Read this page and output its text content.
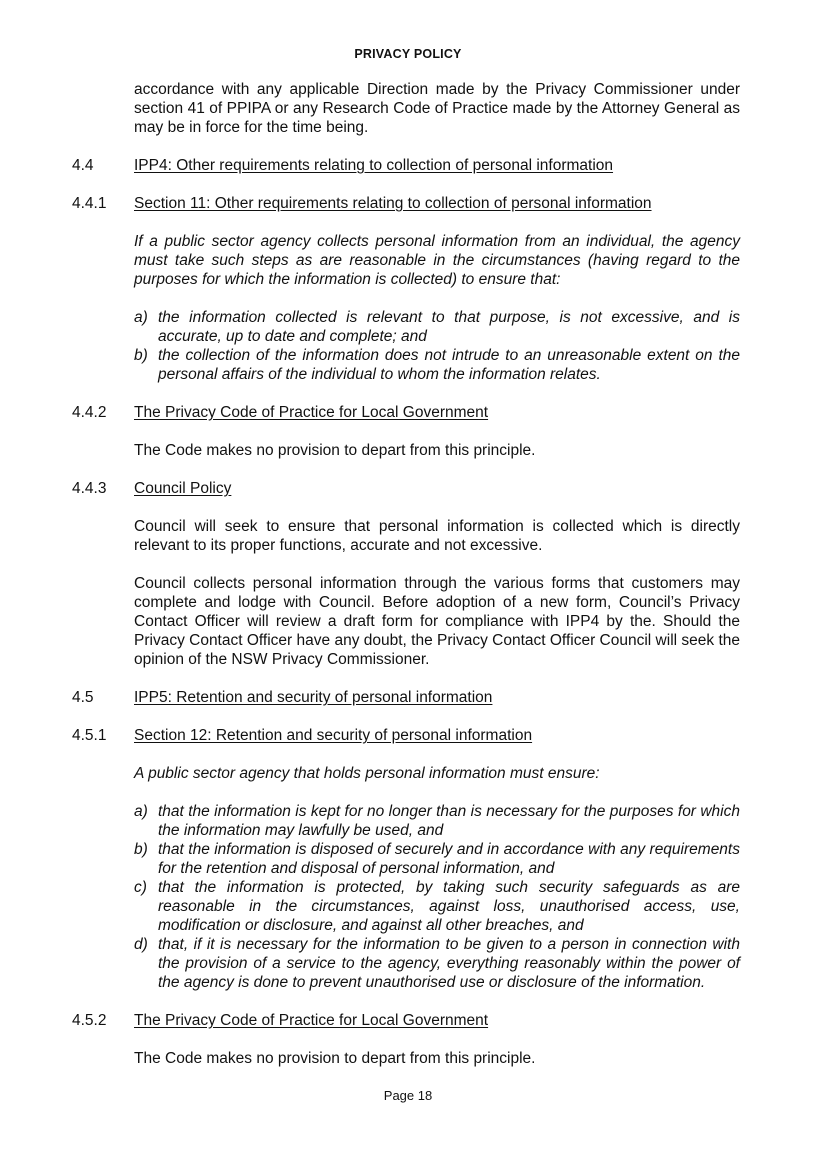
PRIVACY POLICY
accordance with any applicable Direction made by the Privacy Commissioner under section 41 of PPIPA or any Research Code of Practice made by the Attorney General as may be in force for the time being.
4.4	IPP4: Other requirements relating to collection of personal information
4.4.1	Section 11: Other requirements relating to collection of personal information
If a public sector agency collects personal information from an individual, the agency must take such steps as are reasonable in the circumstances (having regard to the purposes for which the information is collected) to ensure that:
a) the information collected is relevant to that purpose, is not excessive, and is accurate, up to date and complete; and
b) the collection of the information does not intrude to an unreasonable extent on the personal affairs of the individual to whom the information relates.
4.4.2	The Privacy Code of Practice for Local Government
The Code makes no provision to depart from this principle.
4.4.3	Council Policy
Council will seek to ensure that personal information is collected which is directly relevant to its proper functions, accurate and not excessive.
Council collects personal information through the various forms that customers may complete and lodge with Council. Before adoption of a new form, Council’s Privacy Contact Officer will review a draft form for compliance with IPP4 by the. Should the Privacy Contact Officer have any doubt, the Privacy Contact Officer Council will seek the opinion of the NSW Privacy Commissioner.
4.5	IPP5: Retention and security of personal information
4.5.1	Section 12: Retention and security of personal information
A public sector agency that holds personal information must ensure:
a) that the information is kept for no longer than is necessary for the purposes for which the information may lawfully be used, and
b) that the information is disposed of securely and in accordance with any requirements for the retention and disposal of personal information, and
c) that the information is protected, by taking such security safeguards as are reasonable in the circumstances, against loss, unauthorised access, use, modification or disclosure, and against all other breaches, and
d) that, if it is necessary for the information to be given to a person in connection with the provision of a service to the agency, everything reasonably within the power of the agency is done to prevent unauthorised use or disclosure of the information.
4.5.2	The Privacy Code of Practice for Local Government
The Code makes no provision to depart from this principle.
Page 18
